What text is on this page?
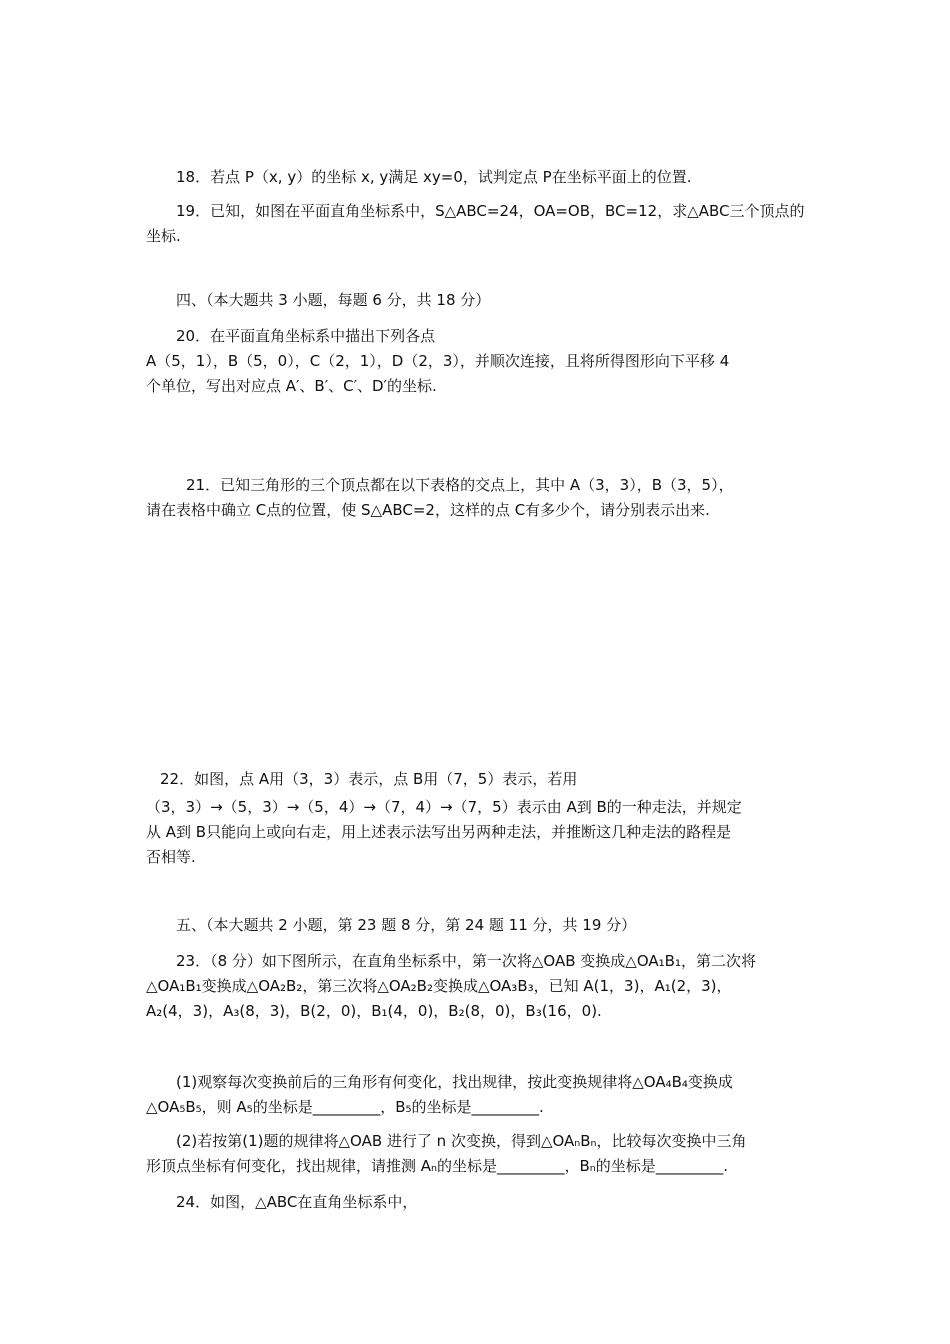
18．若点 P（x, y）的坐标 x, y满足 xy=0，试判定点 P在坐标平面上的位置.
19．已知，如图在平面直角坐标系中，S△ABC=24，OA=OB，BC=12，求△ABC三个顶点的
坐标.
四、（本大题共 3 小题，每题 6 分，共 18 分）
20．在平面直角坐标系中描出下列各点
A（5，1），B（5，0），C（2，1），D（2，3），并顺次连接，且将所得图形向下平移 4
个单位，写出对应点 A′、B′、C′、D′的坐标.
21．已知三角形的三个顶点都在以下表格的交点上，其中 A（3，3），B（3，5），
请在表格中确立 C点的位置，使 S△ABC=2，这样的点 C有多少个，请分别表示出来.
22．如图，点 A用（3，3）表示，点 B用（7，5）表示，若用
（3，3）→（5，3）→（5，4）→（7，4）→（7，5）表示由 A到 B的一种走法，并规定
从 A到 B只能向上或向右走，用上述表示法写出另两种走法，并推断这几种走法的路程是
否相等.
五、（本大题共 2 小题，第 23 题 8 分，第 24 题 11 分，共 19 分）
23．（8 分）如下图所示，在直角坐标系中，第一次将△OAB 变换成△OA₁B₁，第二次将
△OA₁B₁变换成△OA₂B₂，第三次将△OA₂B₂变换成△OA₃B₃，已知 A(1，3)，A₁(2，3)，
A₂(4，3)，A₃(8，3)，B(2，0)，B₁(4，0)，B₂(8，0)，B₃(16，0).
(1)观察每次变换前后的三角形有何变化，找出规律，按此变换规律将△OA₄B₄变换成
△OA₅B₅，则 A₅的坐标是_________，B₅的坐标是_________.
(2)若按第(1)题的规律将△OAB 进行了 n 次变换，得到△OAₙBₙ，比较每次变换中三角
形顶点坐标有何变化，找出规律，请推测 Aₙ的坐标是_________，Bₙ的坐标是_________.
24．如图，△ABC在直角坐标系中，
